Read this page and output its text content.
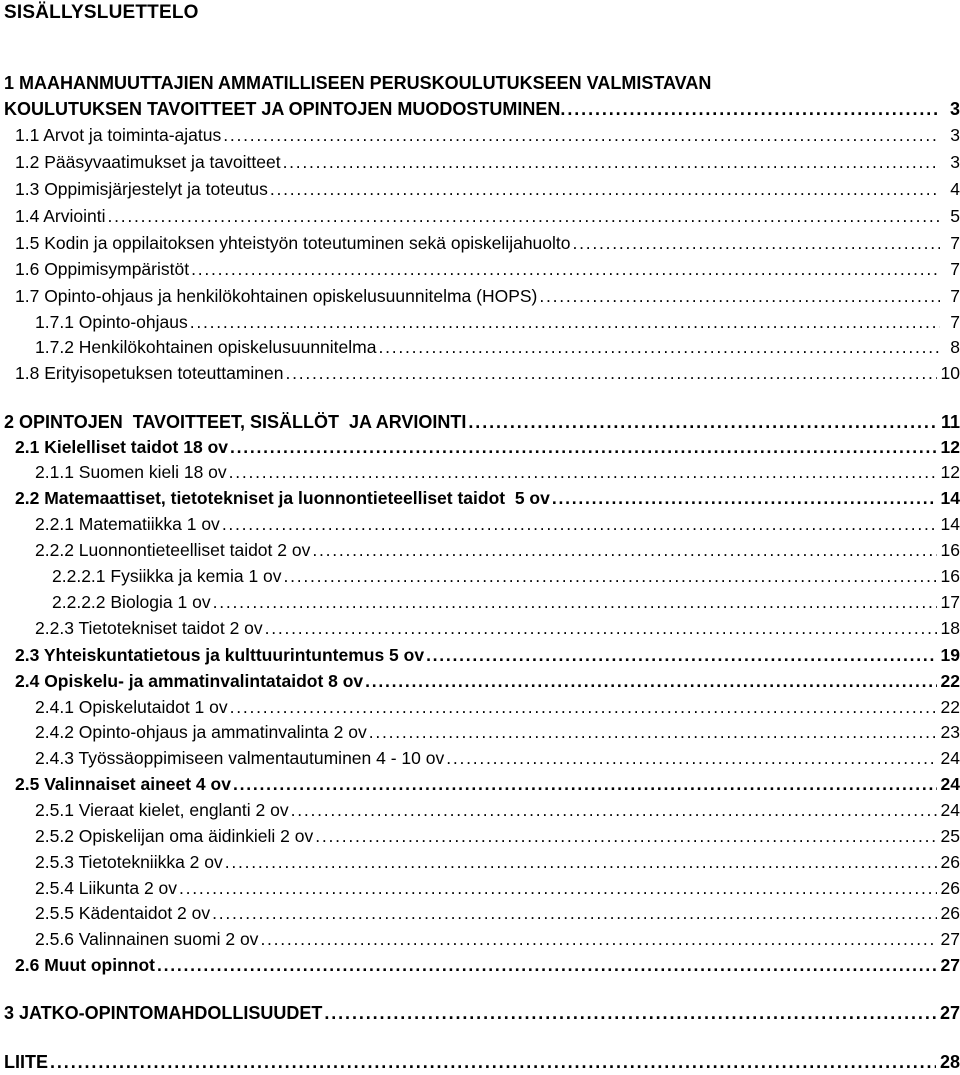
SISÄLLYSLUETTELO
1 MAAHANMUUTTAJIEN AMMATILLISEEN PERUSKOULUTUKSEEN VALMISTAVAN
KOULUTUKSEN TAVOITTEET JA OPINTOJEN MUODOSTUMINEN. . . .	3
1.1 Arvot ja toiminta-ajatus . . .	3
1.2 Pääsyvaatimukset ja tavoitteet . . .	3
1.3 Oppimisjärjestelyt ja toteutus . . .	4
1.4 Arviointi . . .	5
1.5 Kodin ja oppilaitoksen yhteistyön toteutuminen sekä opiskelijahuolto . . .	7
1.6 Oppimisympäristöt . . .	7
1.7 Opinto-ohjaus ja henkilökohtainen opiskelusuunnitelma (HOPS) . . .	7
1.7.1 Opinto-ohjaus . . .	7
1.7.2 Henkilökohtainen opiskelusuunnitelma . . .	8
1.8 Erityisopetuksen toteuttaminen . . .	10
2 OPINTOJEN  TAVOITTEET, SISÄLLÖT  JA ARVIOINTI . . .	11
2.1 Kielelliset taidot 18 ov . . .	12
2.1.1 Suomen kieli 18 ov . . .	12
2.2 Matemaattiset, tietotekniset ja luonnontieteelliset taidot  5 ov . . .	14
2.2.1 Matematiikka 1 ov . . .	14
2.2.2 Luonnontieteelliset taidot 2 ov . . .	16
2.2.2.1 Fysiikka ja kemia 1 ov . . .	16
2.2.2.2 Biologia 1 ov . . .	17
2.2.3 Tietotekniset taidot 2 ov . . .	18
2.3 Yhteiskuntatietous ja kulttuurintuntemus 5 ov . . .	19
2.4 Opiskelu- ja ammatinvalintataidot 8 ov . . .	22
2.4.1 Opiskelutaidot 1 ov . . .	22
2.4.2 Opinto-ohjaus ja ammatinvalinta 2 ov . . .	23
2.4.3 Työssäoppimiseen valmentautuminen 4 - 10 ov . . .	24
2.5 Valinnaiset aineet 4 ov . . .	24
2.5.1 Vieraat kielet, englanti 2 ov . . .	24
2.5.2 Opiskelijan oma äidinkieli 2 ov . . .	25
2.5.3 Tietotekniikka 2 ov . . .	26
2.5.4 Liikunta 2 ov . . .	26
2.5.5 Kädentaidot 2 ov . . .	26
2.5.6 Valinnainen suomi 2 ov . . .	27
2.6 Muut opinnot . . .	27
3 JATKO-OPINTOMAHDOLLISUUDET . . .	27
LIITE . . .	28
